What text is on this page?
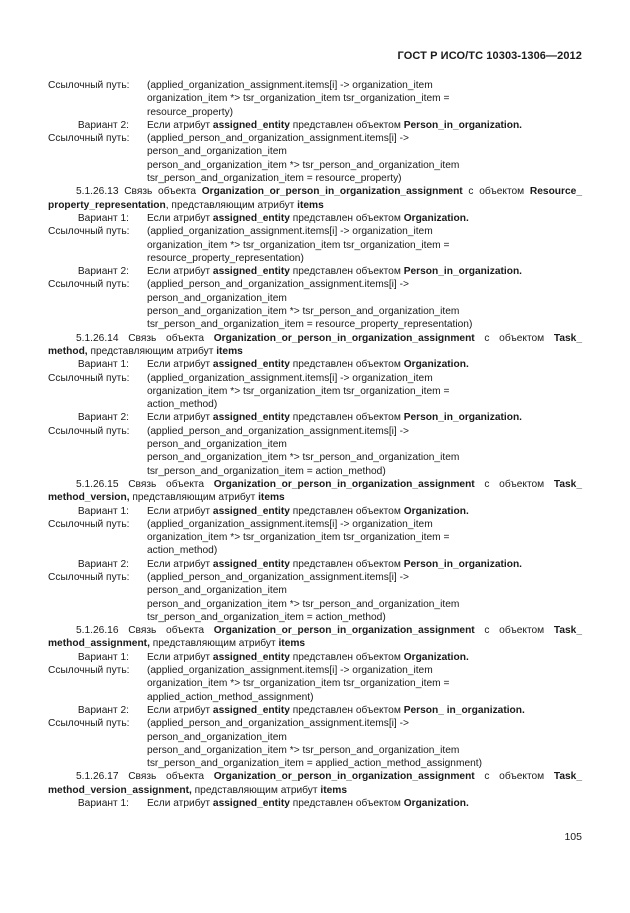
ГОСТ Р ИСО/ТС 10303-1306—2012
Ссылочный путь:	(applied_organization_assignment.items[i] -> organization_item
organization_item *> tsr_organization_item tsr_organization_item =
resource_property)
Вариант 2:	Если атрибут assigned_entity представлен объектом Person_in_organization.
Ссылочный путь:	(applied_person_and_organization_assignment.items[i] ->
person_and_organization_item
person_and_organization_item *> tsr_person_and_organization_item
tsr_person_and_organization_item = resource_property)
5.1.26.13 Связь объекта Organization_or_person_in_organization_assignment с объектом Resource_ property_representation, представляющим атрибут items
Вариант 1:	Если атрибут assigned_entity представлен объектом Organization.
Ссылочный путь:	(applied_organization_assignment.items[i] -> organization_item
organization_item *> tsr_organization_item tsr_organization_item =
resource_property_representation)
Вариант 2:	Если атрибут assigned_entity представлен объектом Person_in_organization.
Ссылочный путь:	(applied_person_and_organization_assignment.items[i] ->
person_and_organization_item
person_and_organization_item *> tsr_person_and_organization_item
tsr_person_and_organization_item = resource_property_representation)
5.1.26.14 Связь объекта Organization_or_person_in_organization_assignment с объектом Task_ method, представляющим атрибут items
Вариант 1:	Если атрибут assigned_entity представлен объектом Organization.
Ссылочный путь:	(applied_organization_assignment.items[i] -> organization_item
organization_item *> tsr_organization_item tsr_organization_item =
action_method)
Вариант 2:	Если атрибут assigned_entity представлен объектом Person_in_organization.
Ссылочный путь:	(applied_person_and_organization_assignment.items[i] ->
person_and_organization_item
person_and_organization_item *> tsr_person_and_organization_item
tsr_person_and_organization_item = action_method)
5.1.26.15 Связь объекта Organization_or_person_in_organization_assignment с объектом Task_ method_version, представляющим атрибут items
Вариант 1:	Если атрибут assigned_entity представлен объектом Organization.
Ссылочный путь:	(applied_organization_assignment.items[i] -> organization_item
organization_item *> tsr_organization_item tsr_organization_item =
action_method)
Вариант 2:	Если атрибут assigned_entity представлен объектом Person_in_organization.
Ссылочный путь:	(applied_person_and_organization_assignment.items[i] ->
person_and_organization_item
person_and_organization_item *> tsr_person_and_organization_item
tsr_person_and_organization_item = action_method)
5.1.26.16 Связь объекта Organization_or_person_in_organization_assignment с объектом Task_ method_assignment, представляющим атрибут items
Вариант 1:	Если атрибут assigned_entity представлен объектом Organization.
Ссылочный путь:	(applied_organization_assignment.items[i] -> organization_item
organization_item *> tsr_organization_item tsr_organization_item =
applied_action_method_assignment)
Вариант 2:	Если атрибут assigned_entity представлен объектом Person_ in_organization.
Ссылочный путь:	(applied_person_and_organization_assignment.items[i] ->
person_and_organization_item
person_and_organization_item *> tsr_person_and_organization_item
tsr_person_and_organization_item = applied_action_method_assignment)
5.1.26.17 Связь объекта Organization_or_person_in_organization_assignment с объектом Task_ method_version_assignment, представляющим атрибут items
Вариант 1:	Если атрибут assigned_entity представлен объектом Organization.
105
